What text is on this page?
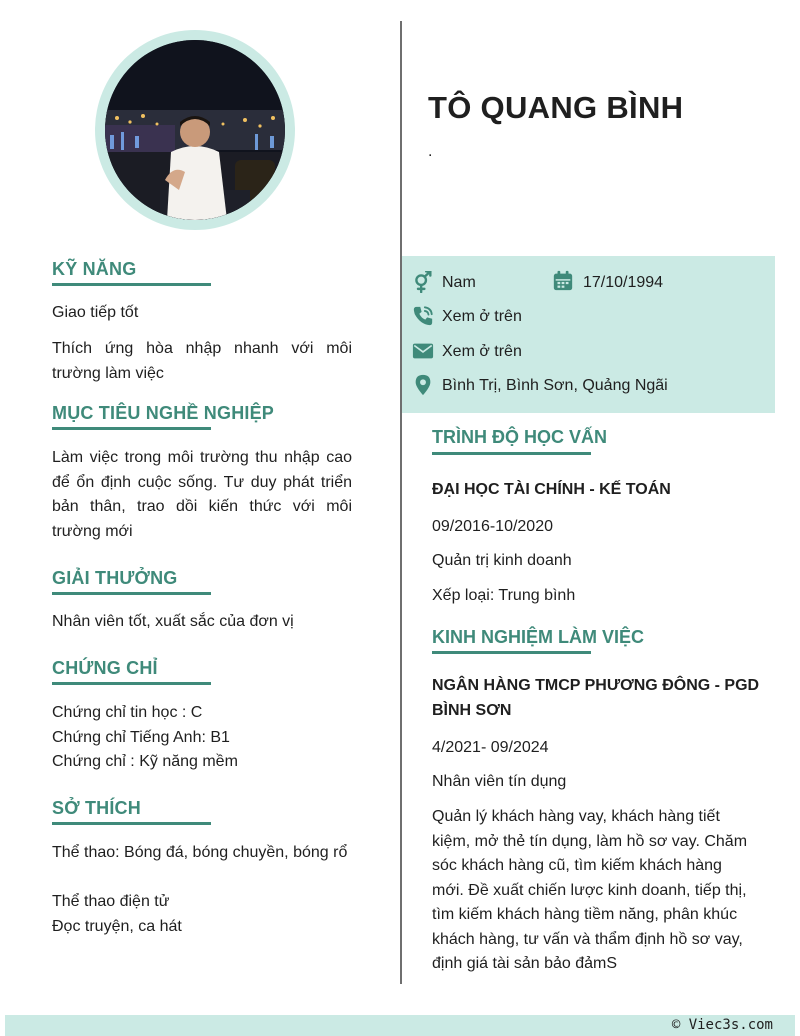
KỸ NĂNG
Giao tiếp tốt
Thích ứng hòa nhập nhanh với môi trường làm việc
MỤC TIÊU NGHỀ NGHIỆP
Làm việc trong môi trường thu nhập cao để ổn định cuộc sống. Tư duy phát triển bản thân, trao dồi kiến thức với môi trường mới
GIẢI THƯỞNG
Nhân viên tốt, xuất sắc của đơn vị
CHỨNG CHỈ
Chứng chỉ tin học : C
Chứng chỉ Tiếng Anh: B1
Chứng chỉ : Kỹ năng mềm
SỞ THÍCH
Thể thao: Bóng đá, bóng chuyền, bóng rổ
Thể thao điện tử
Đọc truyện, ca hát
TÔ QUANG BÌNH
.
Nam	17/10/1994
Xem ở trên
Xem ở trên
Bình Trị, Bình Sơn, Quảng Ngãi
TRÌNH ĐỘ HỌC VẤN
ĐẠI HỌC TÀI CHÍNH - KẾ TOÁN
09/2016-10/2020
Quản trị kinh doanh
Xếp loại: Trung bình
KINH NGHIỆM LÀM VIỆC
NGÂN HÀNG TMCP PHƯƠNG ĐÔNG - PGD BÌNH SƠN
4/2021- 09/2024
Nhân viên tín dụng
Quản lý khách hàng vay, khách hàng tiết kiệm, mở thẻ tín dụng, làm hồ sơ vay. Chăm sóc khách hàng cũ, tìm kiếm khách hàng mới. Đề xuất chiến lược kinh doanh, tiếp thị, tìm kiếm khách hàng tiềm năng, phân khúc khách hàng, tư vấn và thẩm định hồ sơ vay, định giá tài sản bảo đảmS
© Viec3s.com
